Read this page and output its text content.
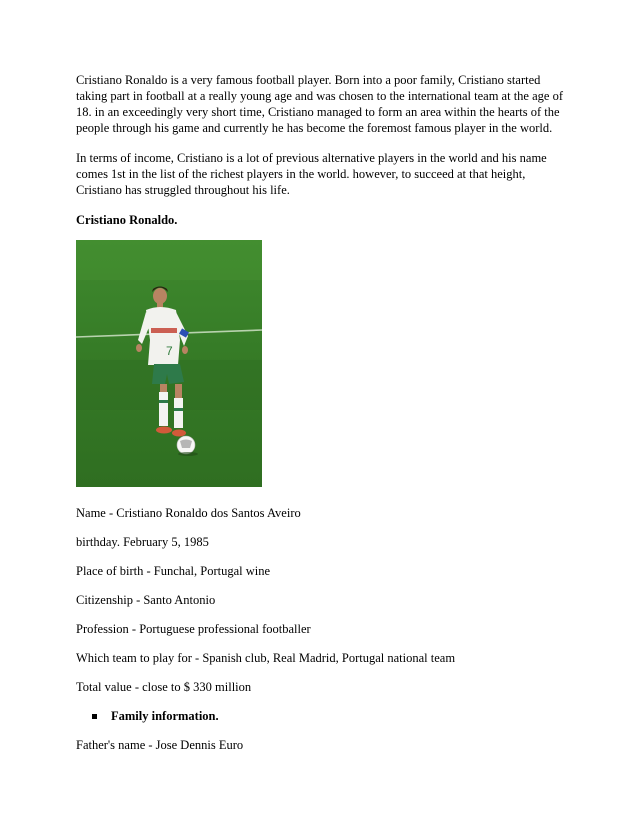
Cristiano Ronaldo is a very famous football player. Born into a poor family, Cristiano started taking part in football at a really young age and was chosen to the international team at the age of 18. in an exceedingly very short time, Cristiano managed to form an area within the hearts of the people through his game and currently he has become the foremost famous player in the world.

In terms of income, Cristiano is a lot of previous alternative players in the world and his name comes 1st in the list of the richest players in the world. however, to succeed at that height, Cristiano has struggled throughout his life.

Cristiano Ronaldo.

7

Name - Cristiano Ronaldo dos Santos Aveiro

birthday. February 5, 1985

Place of birth - Funchal, Portugal wine

Citizenship - Santo Antonio

Profession - Portuguese professional footballer

Which team to play for - Spanish club, Real Madrid, Portugal national team

Total value - close to $ 330 million

Family information.

Father's name - Jose Dennis Euro
